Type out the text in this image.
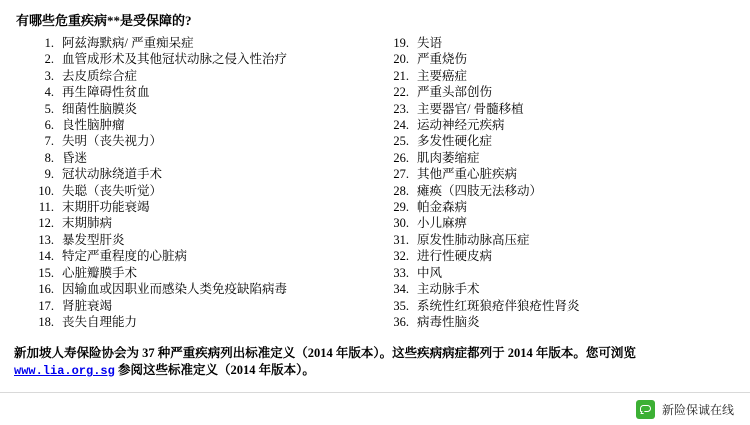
有哪些危重疾病**是受保障的?
1. 阿兹海默病/ 严重痴呆症
2. 血管成形术及其他冠状动脉之侵入性治疗
3. 去皮质综合症
4. 再生障碍性贫血
5. 细菌性脑膜炎
6. 良性脑肿瘤
7. 失明（丧失视力）
8. 昏迷
9. 冠状动脉绕道手术
10. 失聪（丧失听觉）
11. 末期肝功能衰竭
12. 末期肺病
13. 暴发型肝炎
14. 特定严重程度的心脏病
15. 心脏瓣膜手术
16. 因输血或因职业而感染人类免疫缺陷病毒
17. 肾脏衰竭
18. 丧失自理能力
19. 失语
20. 严重烧伤
21. 主要癌症
22. 严重头部创伤
23. 主要器官/ 骨髓移植
24. 运动神经元疾病
25. 多发性硬化症
26. 肌肉萎缩症
27. 其他严重心脏疾病
28. 瘫痪（四肢无法移动）
29. 帕金森病
30. 小儿麻痹
31. 原发性肺动脉高压症
32. 进行性硬皮病
33. 中风
34. 主动脉手术
35. 系统性红斑狼疮伴狼疮性肾炎
36. 病毒性脑炎
新加坡人寿保险协会为 37 种严重疾病列出标准定义（2014 年版本）。这些疾病病症都列于 2014 年版本。您可浏览 www.lia.org.sg 参阅这些标准定义（2014 年版本）。
新险保诚在线
